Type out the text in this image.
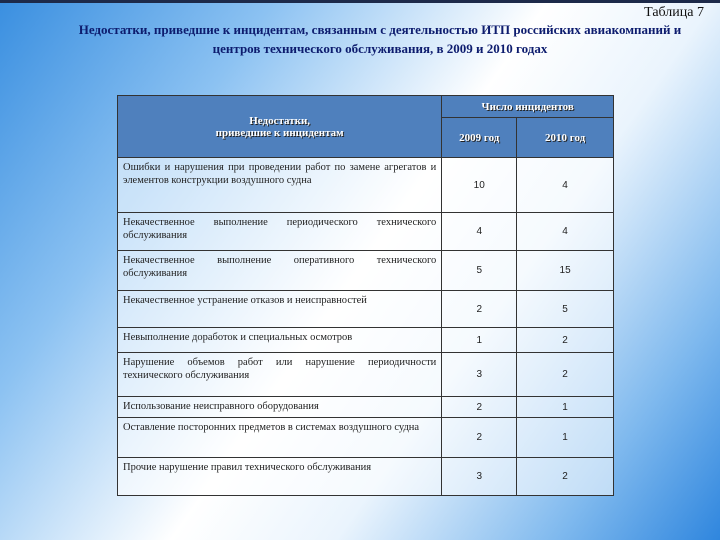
Таблица 7
Недостатки, приведшие к инцидентам, связанным с деятельностью ИТП российских авиакомпаний и
центров технического обслуживания, в 2009 и 2010 годах
Недостатки,
приведшие к инцидентам	Число инцидентов	
	2009 год	2010 год
Ошибки и нарушения при проведении работ по замене агрегатов и элементов конструкции воздушного судна	10	4
Некачественное выполнение периодического технического обслуживания	4	4
Некачественное выполнение оперативного технического обслуживания	5	15
Некачественное устранение отказов и неисправностей	2	5
Невыполнение доработок и специальных осмотров	1	2
Нарушение объемов работ или нарушение периодичности технического обслуживания	3	2
Использование неисправного оборудования	2	1
Оставление посторонних предметов в системах воздушного судна	2	1
Прочие нарушение правил технического обслуживания	3	2
